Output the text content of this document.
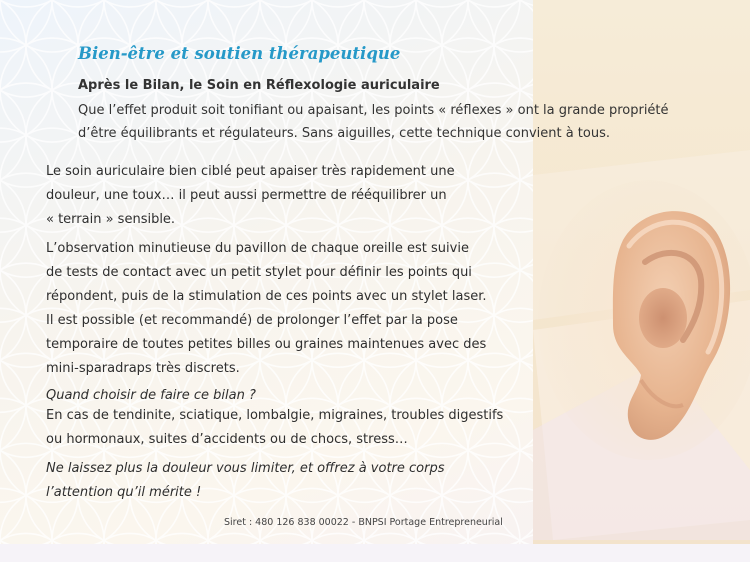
Bien-être et soutien thérapeutique
Après le Bilan, le Soin en Réflexologie auriculaire

Que l’effet produit soit tonifiant ou apaisant, les points « réflexes » ont la grande propriété
d’être équilibrants et régulateurs. Sans aiguilles, cette technique convient à tous.

Le soin auriculaire bien ciblé peut apaiser très rapidement une
douleur, une toux… il peut aussi permettre de rééquilibrer un
« terrain » sensible.

L’observation minutieuse du pavillon de chaque oreille est suivie
de tests de contact avec un petit stylet pour définir les points qui
répondent, puis de la stimulation de ces points avec un stylet laser.
Il est possible (et recommandé) de prolonger l’effet par la pose
temporaire de toutes petites billes ou graines maintenues avec des
mini-sparadraps très discrets.

Quand choisir de faire ce bilan ?

En cas de tendinite, sciatique, lombalgie, migraines, troubles digestifs
ou hormonaux, suites d’accidents ou de chocs, stress…

Ne laissez plus la douleur vous limiter, et offrez à votre corps
l’attention qu’il mérite !

Siret : 480 126 838 00022 - BNPSI Portage Entrepreneurial
